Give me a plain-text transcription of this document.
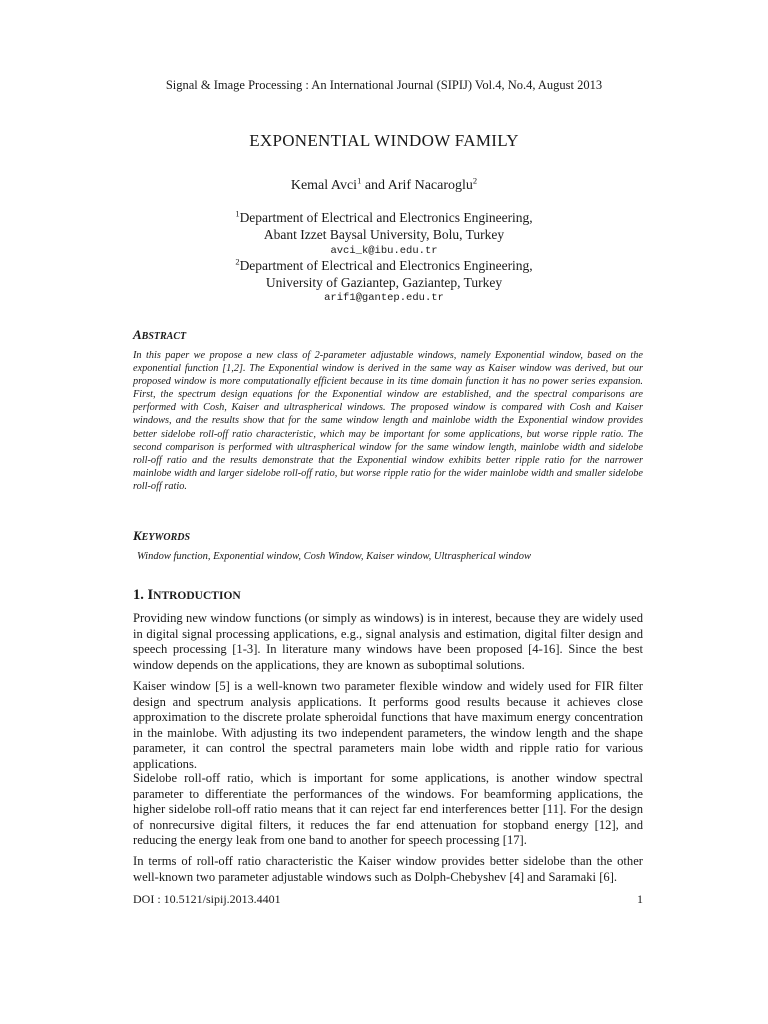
Signal & Image Processing : An International Journal (SIPIJ) Vol.4, No.4, August 2013
EXPONENTIAL WINDOW FAMILY
Kemal Avci$^1$ and Arif Nacaroglu$^2$
$^1$Department of Electrical and Electronics Engineering,
Abant Izzet Baysal University, Bolu, Turkey
avci_k@ibu.edu.tr
$^2$Department of Electrical and Electronics Engineering,
University of Gaziantep, Gaziantep, Turkey
arif1@gantep.edu.tr
ABSTRACT
In this paper we propose a new class of 2-parameter adjustable windows, namely Exponential window, based on the exponential function [1,2]. The Exponential window is derived in the same way as Kaiser window was derived, but our proposed window is more computationally efficient because in its time domain function it has no power series expansion. First, the spectrum design equations for the Exponential window are established, and the spectral comparisons are performed with Cosh, Kaiser and ultraspherical windows. The proposed window is compared with Cosh and Kaiser windows, and the results show that for the same window length and mainlobe width the Exponential window provides better sidelobe roll-off ratio characteristic, which may be important for some applications, but worse ripple ratio. The second comparison is performed with ultraspherical window for the same window length, mainlobe width and sidelobe roll-off ratio and the results demonstrate that the Exponential window exhibits better ripple ratio for the narrower mainlobe width and larger sidelobe roll-off ratio, but worse ripple ratio for the wider mainlobe width and smaller sidelobe roll-off ratio.
KEYWORDS
Window function, Exponential window, Cosh Window, Kaiser window, Ultraspherical window
1. INTRODUCTION

Providing new window functions (or simply as windows) is in interest, because they are widely used in digital signal processing applications, e.g., signal analysis and estimation, digital filter design and speech processing [1-3]. In literature many windows have been proposed [4-16]. Since the best window depends on the applications, they are known as suboptimal solutions.

Kaiser window [5] is a well-known two parameter flexible window and widely used for FIR filter design and spectrum analysis applications. It performs good results because it achieves close approximation to the discrete prolate spheroidal functions that have maximum energy concentration in the mainlobe. With adjusting its two independent parameters, the window length and the shape parameter, it can control the spectral parameters main lobe width and ripple ratio for various applications.

Sidelobe roll-off ratio, which is important for some applications, is another window spectral parameter to differentiate the performances of the windows. For beamforming applications, the higher sidelobe roll-off ratio means that it can reject far end interferences better [11]. For the design of nonrecursive digital filters, it reduces the far end attenuation for stopband energy [12], and reducing the energy leak from one band to another for speech processing [17].

In terms of roll-off ratio characteristic the Kaiser window provides better sidelobe than the other well-known two parameter adjustable windows such as Dolph-Chebyshev [4] and Saramaki [6].

DOI : 10.5121/sipij.2013.4401	1
